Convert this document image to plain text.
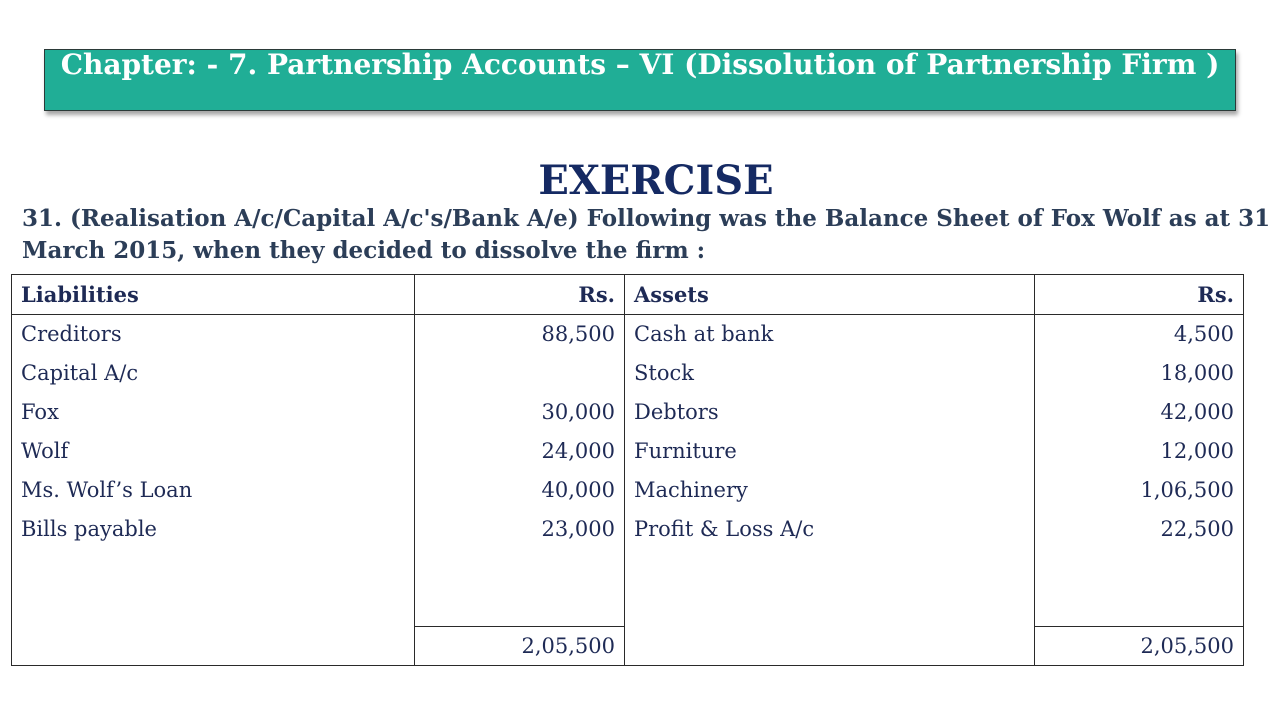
Chapter: - 7. Partnership Accounts – VI (Dissolution of Partnership Firm )
EXERCISE
31. (Realisation A/c/Capital A/c's/Bank A/e) Following was the Balance Sheet of Fox Wolf as at 31
March 2015, when they decided to dissolve the firm :
Liabilities	Rs.	Assets	Rs.
Creditors	88,500	Cash at bank	4,500
Capital A/c		Stock	18,000
Fox	30,000	Debtors	42,000
Wolf	24,000	Furniture	12,000
Ms. Wolf’s Loan	40,000	Machinery	1,06,500
Bills payable	23,000	Profit & Loss A/c	22,500

	2,05,500		2,05,500
